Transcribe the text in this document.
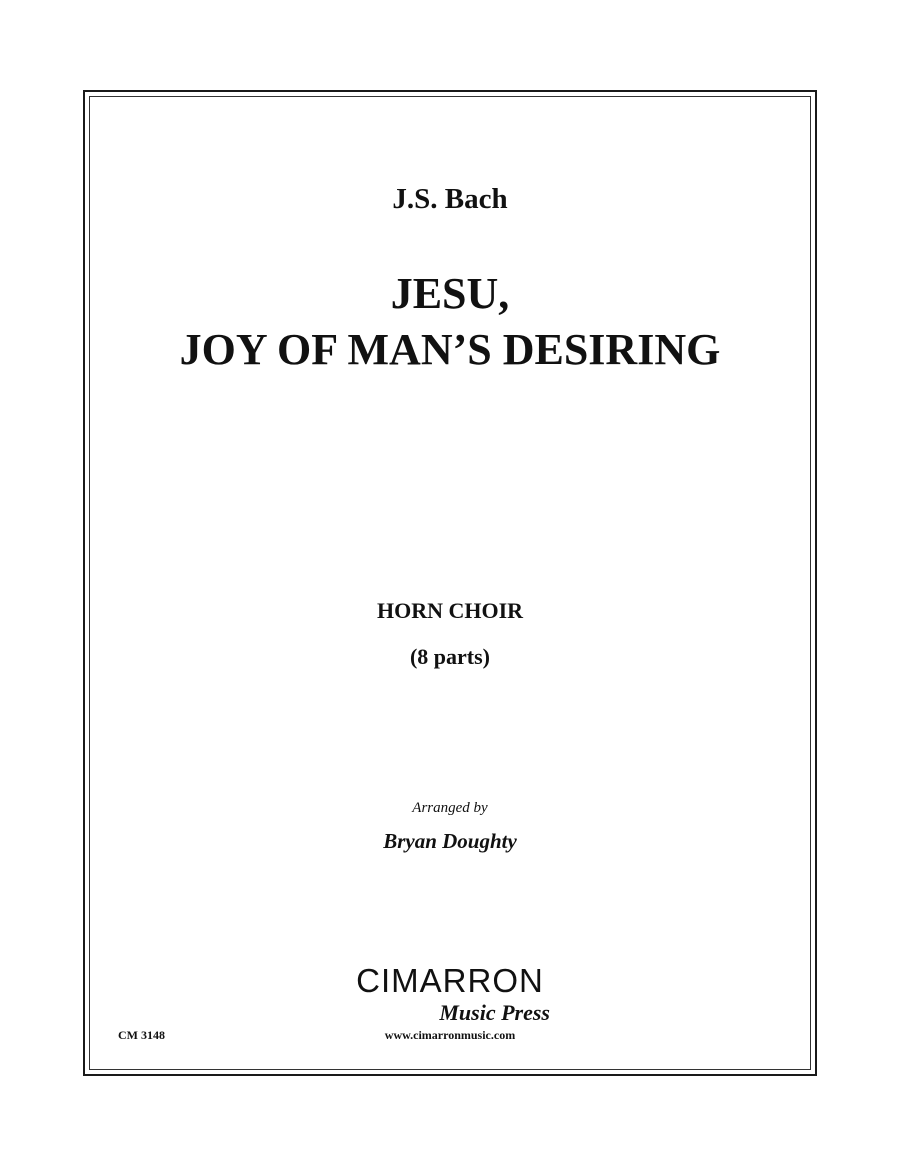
J.S. Bach
JESU,
JOY OF MAN’S DESIRING
HORN CHOIR
(8 parts)
Arranged by
Bryan Doughty
CIMARRON
Music Press
www.cimarronmusic.com
CM 3148
